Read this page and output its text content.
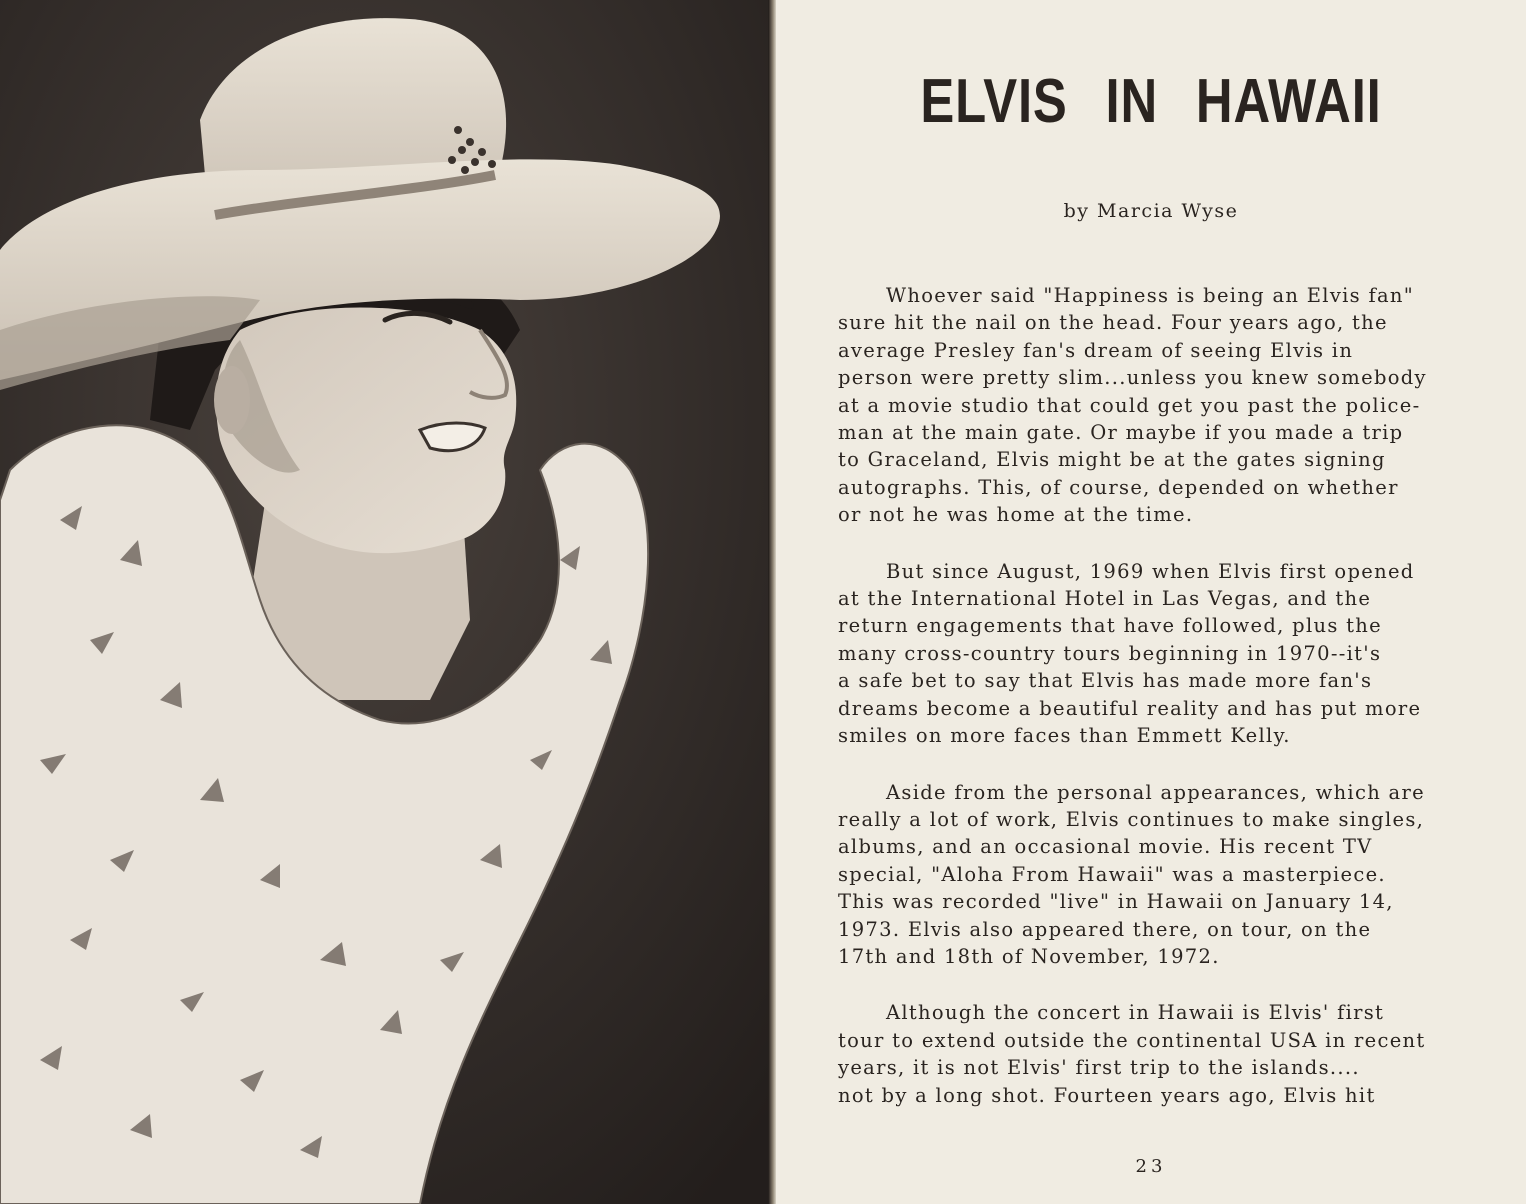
ELVIS IN HAWAII

by Marcia Wyse

Whoever said "Happiness is being an Elvis fan"
sure hit the nail on the head. Four years ago, the
average Presley fan's dream of seeing Elvis in
person were pretty slim...unless you knew somebody
at a movie studio that could get you past the police-
man at the main gate. Or maybe if you made a trip
to Graceland, Elvis might be at the gates signing
autographs. This, of course, depended on whether
or not he was home at the time.

But since August, 1969 when Elvis first opened
at the International Hotel in Las Vegas, and the
return engagements that have followed, plus the
many cross-country tours beginning in 1970--it's
a safe bet to say that Elvis has made more fan's
dreams become a beautiful reality and has put more
smiles on more faces than Emmett Kelly.

Aside from the personal appearances, which are
really a lot of work, Elvis continues to make singles,
albums, and an occasional movie. His recent TV
special, "Aloha From Hawaii" was a masterpiece.
This was recorded "live" in Hawaii on January 14,
1973. Elvis also appeared there, on tour, on the
17th and 18th of November, 1972.

Although the concert in Hawaii is Elvis' first
tour to extend outside the continental USA in recent
years, it is not Elvis' first trip to the islands....
not by a long shot. Fourteen years ago, Elvis hit

23
